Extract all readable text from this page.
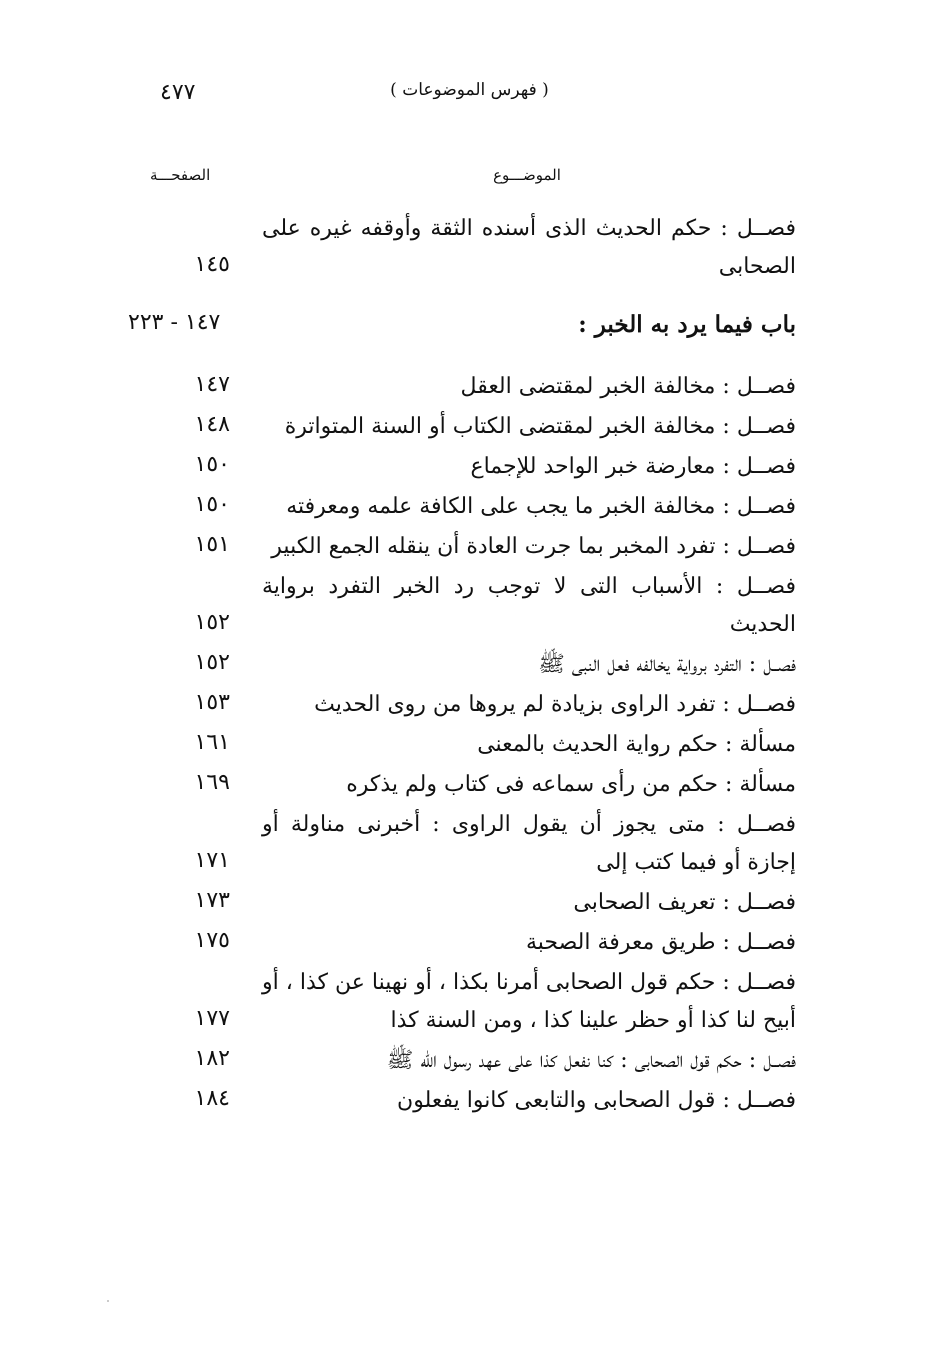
٤٧٧	( فهرس الموضوعات )
الموضـــوع
الصفحـــة
فصــل : حكم الحديث الذى أسنده الثقة وأوقفه غيره على الصحابى
١٤٥
باب فيما يرد به الخبر :
١٤٧ - ٢٢٣
فصــل : مخالفة الخبر لمقتضى العقل
١٤٧
فصــل : مخالفة الخبر لمقتضى الكتاب أو السنة المتواترة
١٤٨
فصــل : معارضة خبر الواحد للإجماع
١٥٠
فصــل : مخالفة الخبر ما يجب على الكافة علمه ومعرفته
١٥٠
فصــل : تفرد المخبر بما جرت العادة أن ينقله الجمع الكبير
١٥١
فصــل : الأسباب التى لا توجب رد الخبر التفرد برواية الحديث
١٥٢
فصــل : التفرد برواية يخالفه فعل النبى ﷺ
١٥٢
فصــل : تفرد الراوى بزيادة لم يروها من روى الحديث
١٥٣
مسألة : حكم رواية الحديث بالمعنى
١٦١
مسألة : حكم من رأى سماعه فى كتاب ولم يذكره
١٦٩
فصــل : متى يجوز أن يقول الراوى : أخبرنى مناولة أو إجازة أو فيما كتب إلى
١٧١
فصــل : تعريف الصحابى
١٧٣
فصــل : طريق معرفة الصحبة
١٧٥
فصــل : حكم قول الصحابى أمرنا بكذا ، أو نهينا عن كذا ، أو أبيح لنا كذا أو حظر علينا كذا ، ومن السنة كذا
١٧٧
فصــل : حكم قول الصحابى : كنا نفعل كذا على عهد رسول الله ﷺ
١٨٢
فصــل : قول الصحابى والتابعى كانوا يفعلون
١٨٤
